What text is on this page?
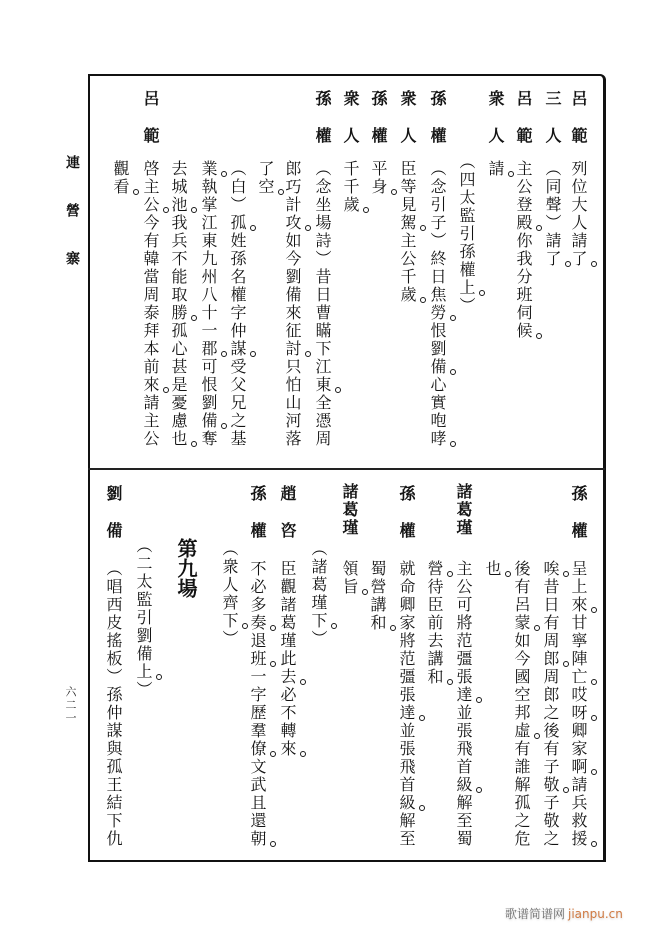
連營寨
六二一
呂範
列位大人請了
三人
（同聲）請了
呂範
主公登殿你我分班伺候
衆人
請
（四太監引孫權上）
孫權
（念引子）終日焦勞恨劉備心實咆哮
衆人
臣等見駕主公千歲
孫權
平身
衆人
千千歲
孫權
（念坐場詩）昔日曹瞞下江東全憑周
郎巧計攻如今劉備來征討只怕山河落
了空
（白）孤姓孫名權字仲謀受父兄之基
業執掌江東九州八十一郡可恨劉備奪
去城池我兵不能取勝孤心甚是憂慮也
呂範
啓主公今有韓當周泰拜本前來請主公
觀看
孫權
呈上來甘寧陣亡哎呀卿家啊請兵救援
唉昔日有周郎周郎之後有子敬子敬之
後有呂蒙如今國空邦虛有誰解孤之危
也
諸葛瑾
主公可將范彊張達並張飛首級解至蜀
營待臣前去講和
孫權
就命卿家將范彊張達並張飛首級解至
蜀營講和
諸葛瑾
領旨
（諸葛瑾下）
趙咨
臣觀諸葛瑾此去必不轉來
孫權
不必多奏退班一字歷羣僚文武且還朝
（衆人齊下）
第九場
（二太監引劉備上）
劉備
（唱西皮搖板）孫仲謀與孤王結下仇
歌谱简谱网 jianpu.cn
